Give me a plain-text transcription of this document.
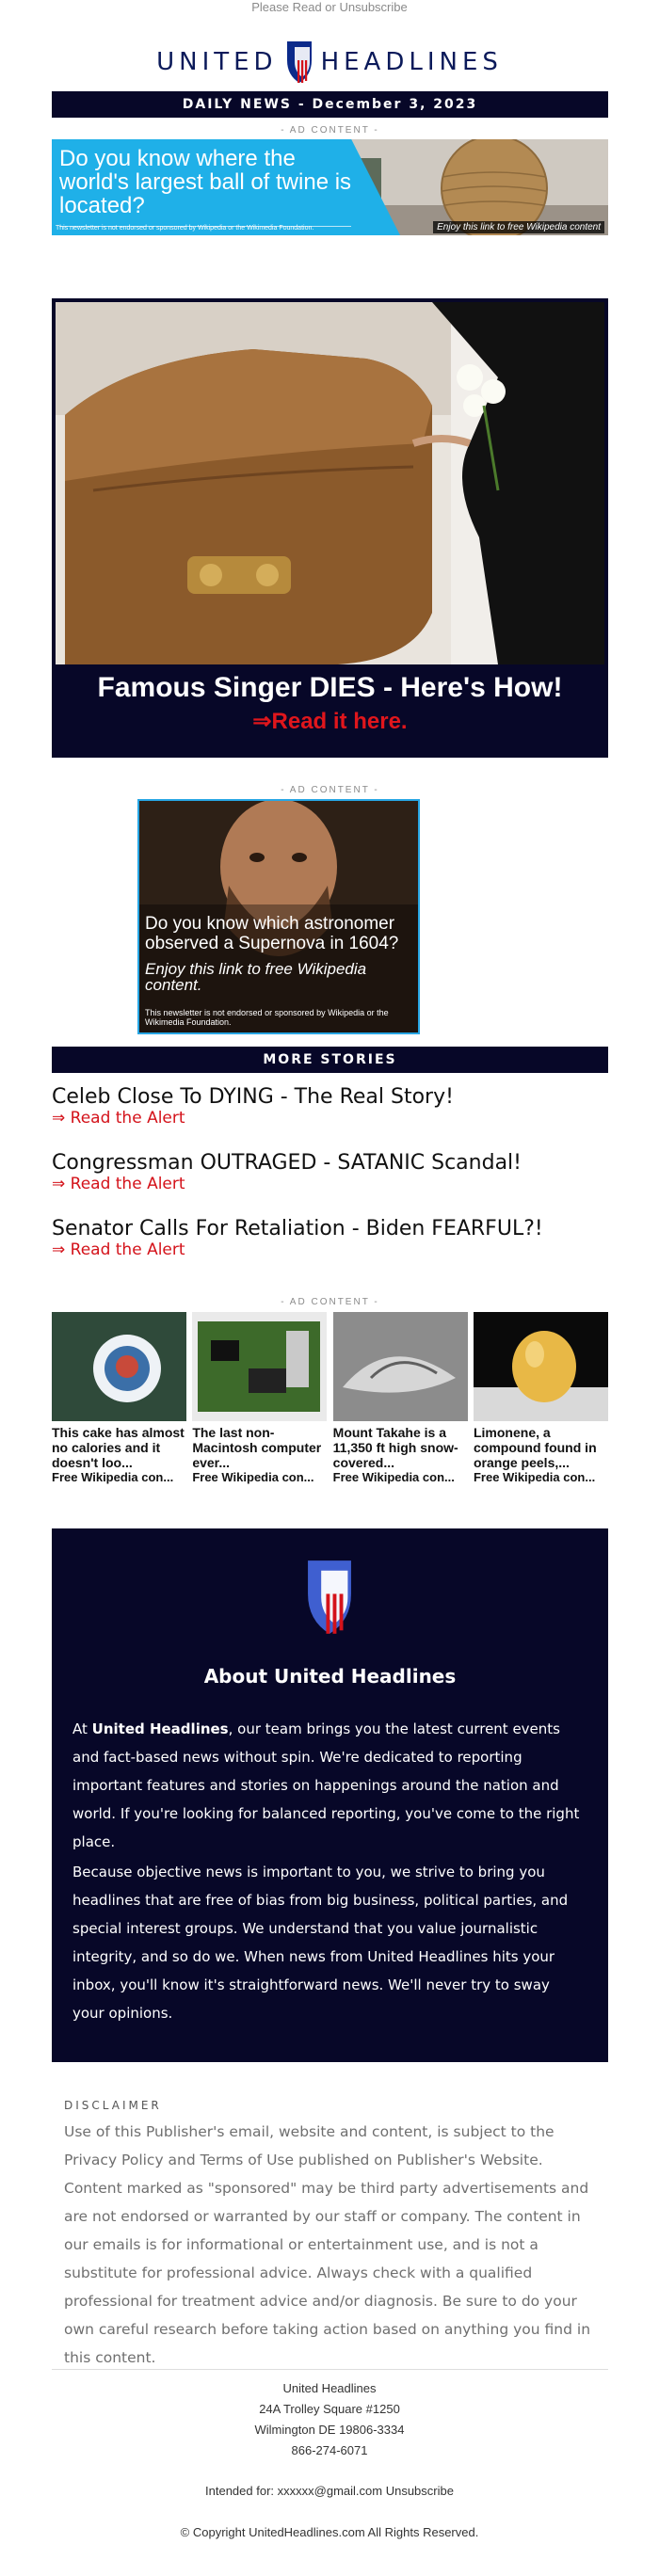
Please Read or Unsubscribe
UNITED HEADLINES
DAILY NEWS - December 3, 2023
- AD CONTENT -
Do you know where the world's largest ball of twine is located?
This newsletter is not endorsed or sponsored by Wikipedia or the Wikimedia Foundation.	Enjoy this link to free Wikipedia content
Famous Singer DIES - Here's How!
⇒Read it here.
- AD CONTENT -
Do you know which astronomer observed a Supernova in 1604?
Enjoy this link to free Wikipedia content.
This newsletter is not endorsed or sponsored by Wikipedia or the Wikimedia Foundation.
MORE STORIES
Celeb Close To DYING - The Real Story!
⇒ Read the Alert
Congressman OUTRAGED - SATANIC Scandal!
⇒ Read the Alert
Senator Calls For Retaliation - Biden FEARFUL?!
⇒ Read the Alert
- AD CONTENT -
This cake has almost no calories and it doesn't loo...
Free Wikipedia con...
The last non-Macintosh computer ever...
Free Wikipedia con...
Mount Takahe is a 11,350 ft high snow-covered...
Free Wikipedia con...
Limonene, a compound found in orange peels,...
Free Wikipedia con...
About United Headlines

At United Headlines, our team brings you the latest current events and fact-based news without spin. We're dedicated to reporting important features and stories on happenings around the nation and world. If you're looking for balanced reporting, you've come to the right place.

Because objective news is important to you, we strive to bring you headlines that are free of bias from big business, political parties, and special interest groups. We understand that you value journalistic integrity, and so do we. When news from United Headlines hits your inbox, you'll know it's straightforward news. We'll never try to sway your opinions.

DISCLAIMER
Use of this Publisher's email, website and content, is subject to the Privacy Policy and Terms of Use published on Publisher's Website. Content marked as "sponsored" may be third party advertisements and are not endorsed or warranted by our staff or company. The content in our emails is for informational or entertainment use, and is not a substitute for professional advice. Always check with a qualified professional for treatment advice and/or diagnosis. Be sure to do your own careful research before taking action based on anything you find in this content.
United Headlines
24A Trolley Square #1250
Wilmington DE 19806-3334
866-274-6071
Intended for: xxxxxx@gmail.com Unsubscribe
© Copyright UnitedHeadlines.com All Rights Reserved.
